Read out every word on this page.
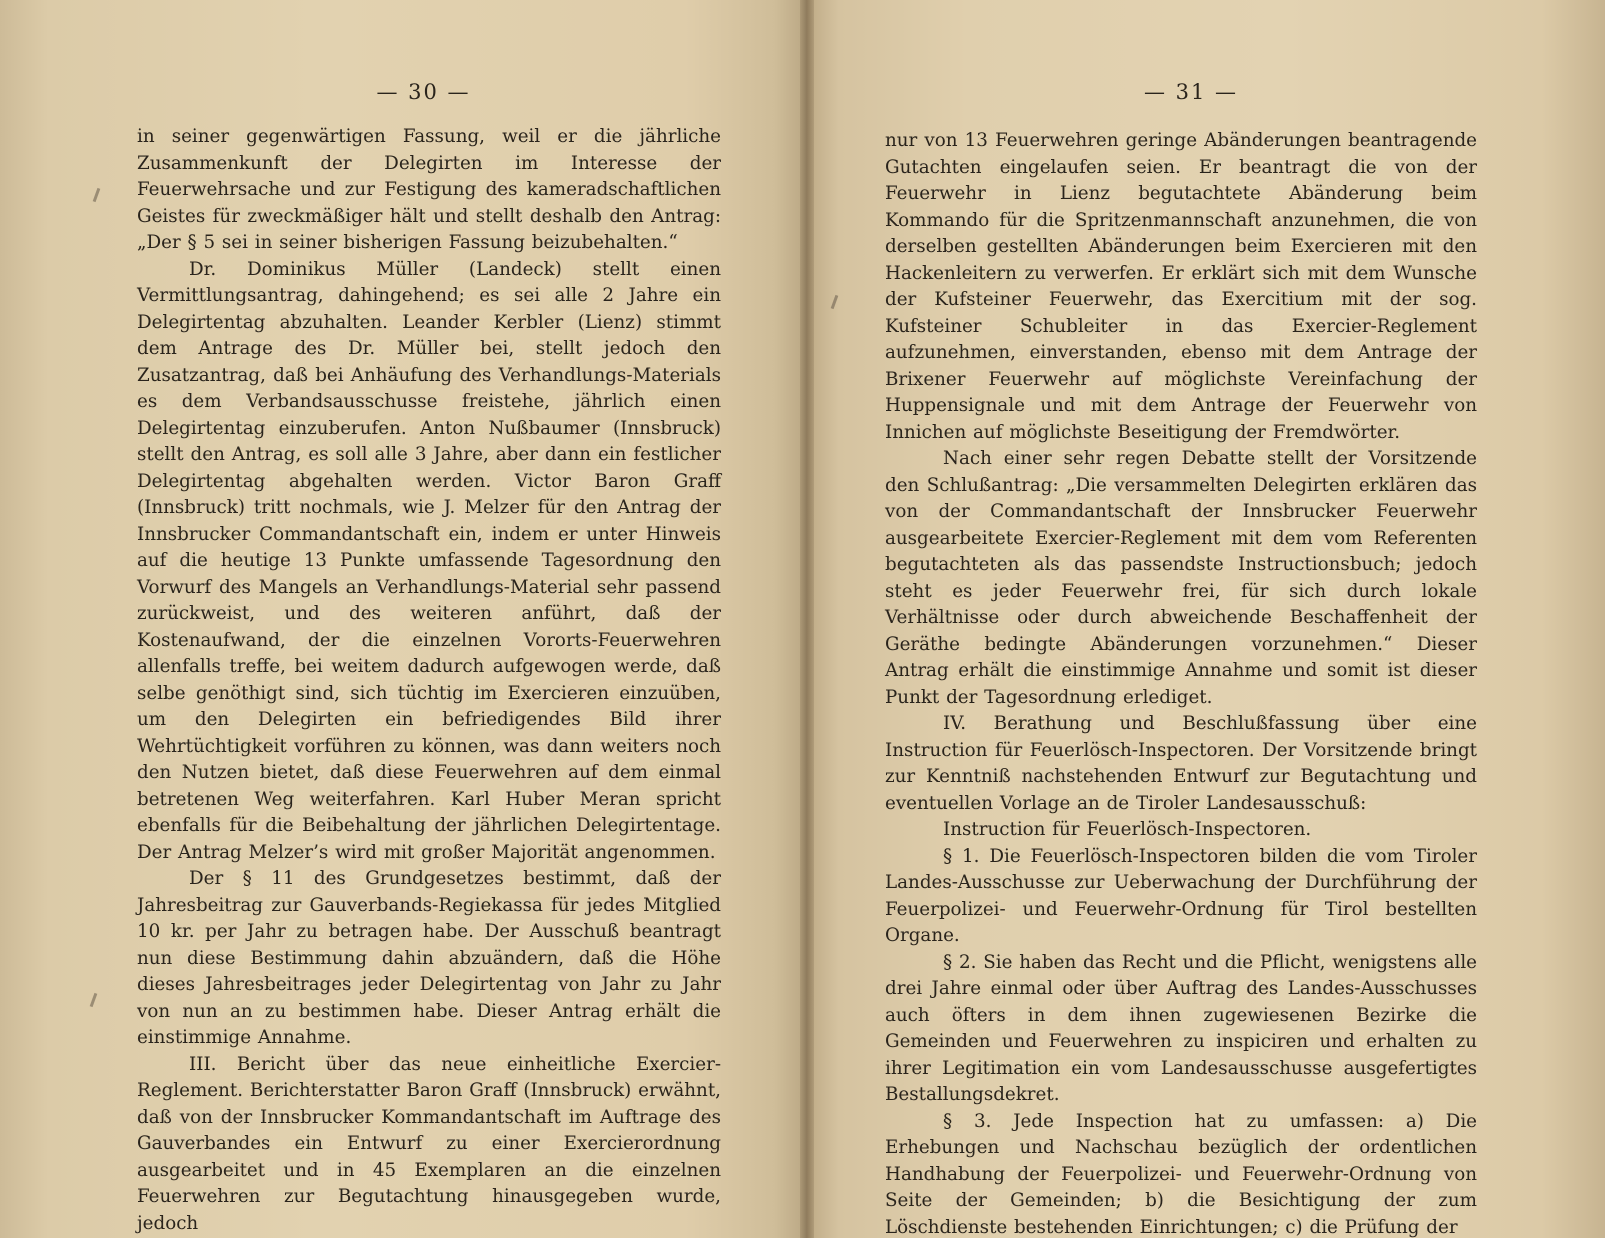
— 30 —

in seiner gegenwärtigen Fassung, weil er die jährliche Zusammenkunft der Delegirten im Interesse der Feuerwehrsache und zur Festigung des kameradschaftlichen Geistes für zweckmäßiger hält und stellt deshalb den Antrag: „Der § 5 sei in seiner bisherigen Fassung beizubehalten.“

Dr. Dominikus Müller (Landeck) stellt einen Vermittlungsantrag, dahingehend; es sei alle 2 Jahre ein Delegirtentag abzuhalten. Leander Kerbler (Lienz) stimmt dem Antrage des Dr. Müller bei, stellt jedoch den Zusatzantrag, daß bei Anhäufung des Verhandlungs-Materials es dem Verbandsausschusse freistehe, jährlich einen Delegirtentag einzuberufen. Anton Nußbaumer (Innsbruck) stellt den Antrag, es soll alle 3 Jahre, aber dann ein festlicher Delegirtentag abgehalten werden. Victor Baron Graff (Innsbruck) tritt nochmals, wie J. Melzer für den Antrag der Innsbrucker Commandantschaft ein, indem er unter Hinweis auf die heutige 13 Punkte umfassende Tagesordnung den Vorwurf des Mangels an Verhandlungs-Material sehr passend zurückweist, und des weiteren anführt, daß der Kostenaufwand, der die einzelnen Vororts-Feuerwehren allenfalls treffe, bei weitem dadurch aufgewogen werde, daß selbe genöthigt sind, sich tüchtig im Exercieren einzuüben, um den Delegirten ein befriedigendes Bild ihrer Wehrtüchtigkeit vorführen zu können, was dann weiters noch den Nutzen bietet, daß diese Feuerwehren auf dem einmal betretenen Weg weiterfahren. Karl Huber Meran spricht ebenfalls für die Beibehaltung der jährlichen Delegirtentage. Der Antrag Melzer’s wird mit großer Majorität angenommen.

Der § 11 des Grundgesetzes bestimmt, daß der Jahresbeitrag zur Gauverbands-Regiekassa für jedes Mitglied 10 kr. per Jahr zu betragen habe. Der Ausschuß beantragt nun diese Bestimmung dahin abzuändern, daß die Höhe dieses Jahresbeitrages jeder Delegirtentag von Jahr zu Jahr von nun an zu bestimmen habe. Dieser Antrag erhält die einstimmige Annahme.

III. Bericht über das neue einheitliche Exercier-Reglement. Berichterstatter Baron Graff (Innsbruck) erwähnt, daß von der Innsbrucker Kommandantschaft im Auftrage des Gauverbandes ein Entwurf zu einer Exercierordnung ausgearbeitet und in 45 Exemplaren an die einzelnen Feuerwehren zur Begutachtung hinausgegeben wurde, jedoch

— 31 —

nur von 13 Feuerwehren geringe Abänderungen beantragende Gutachten eingelaufen seien. Er beantragt die von der Feuerwehr in Lienz begutachtete Abänderung beim Kommando für die Spritzenmannschaft anzunehmen, die von derselben gestellten Abänderungen beim Exercieren mit den Hackenleitern zu verwerfen. Er erklärt sich mit dem Wunsche der Kufsteiner Feuerwehr, das Exercitium mit der sog. Kufsteiner Schubleiter in das Exercier-Reglement aufzunehmen, einverstanden, ebenso mit dem Antrage der Brixener Feuerwehr auf möglichste Vereinfachung der Huppensignale und mit dem Antrage der Feuerwehr von Innichen auf möglichste Beseitigung der Fremdwörter.

Nach einer sehr regen Debatte stellt der Vorsitzende den Schlußantrag: „Die versammelten Delegirten erklären das von der Commandantschaft der Innsbrucker Feuerwehr ausgearbeitete Exercier-Reglement mit dem vom Referenten begutachteten als das passendste Instructionsbuch; jedoch steht es jeder Feuerwehr frei, für sich durch lokale Verhältnisse oder durch abweichende Beschaffenheit der Geräthe bedingte Abänderungen vorzunehmen.“ Dieser Antrag erhält die einstimmige Annahme und somit ist dieser Punkt der Tagesordnung erlediget.

IV. Berathung und Beschlußfassung über eine Instruction für Feuerlösch-Inspectoren. Der Vorsitzende bringt zur Kenntniß nachstehenden Entwurf zur Begutachtung und eventuellen Vorlage an de Tiroler Landesausschuß:

Instruction für Feuerlösch-Inspectoren.

§ 1. Die Feuerlösch-Inspectoren bilden die vom Tiroler Landes-Ausschusse zur Ueberwachung der Durchführung der Feuerpolizei- und Feuerwehr-Ordnung für Tirol bestellten Organe.

§ 2. Sie haben das Recht und die Pflicht, wenigstens alle drei Jahre einmal oder über Auftrag des Landes-Ausschusses auch öfters in dem ihnen zugewiesenen Bezirke die Gemeinden und Feuerwehren zu inspiciren und erhalten zu ihrer Legitimation ein vom Landesausschusse ausgefertigtes Bestallungsdekret.

§ 3. Jede Inspection hat zu umfassen: a) Die Erhebungen und Nachschau bezüglich der ordentlichen Handhabung der Feuerpolizei- und Feuerwehr-Ordnung von Seite der Gemeinden; b) die Besichtigung der zum Löschdienste bestehenden Einrichtungen; c) die Prüfung der
